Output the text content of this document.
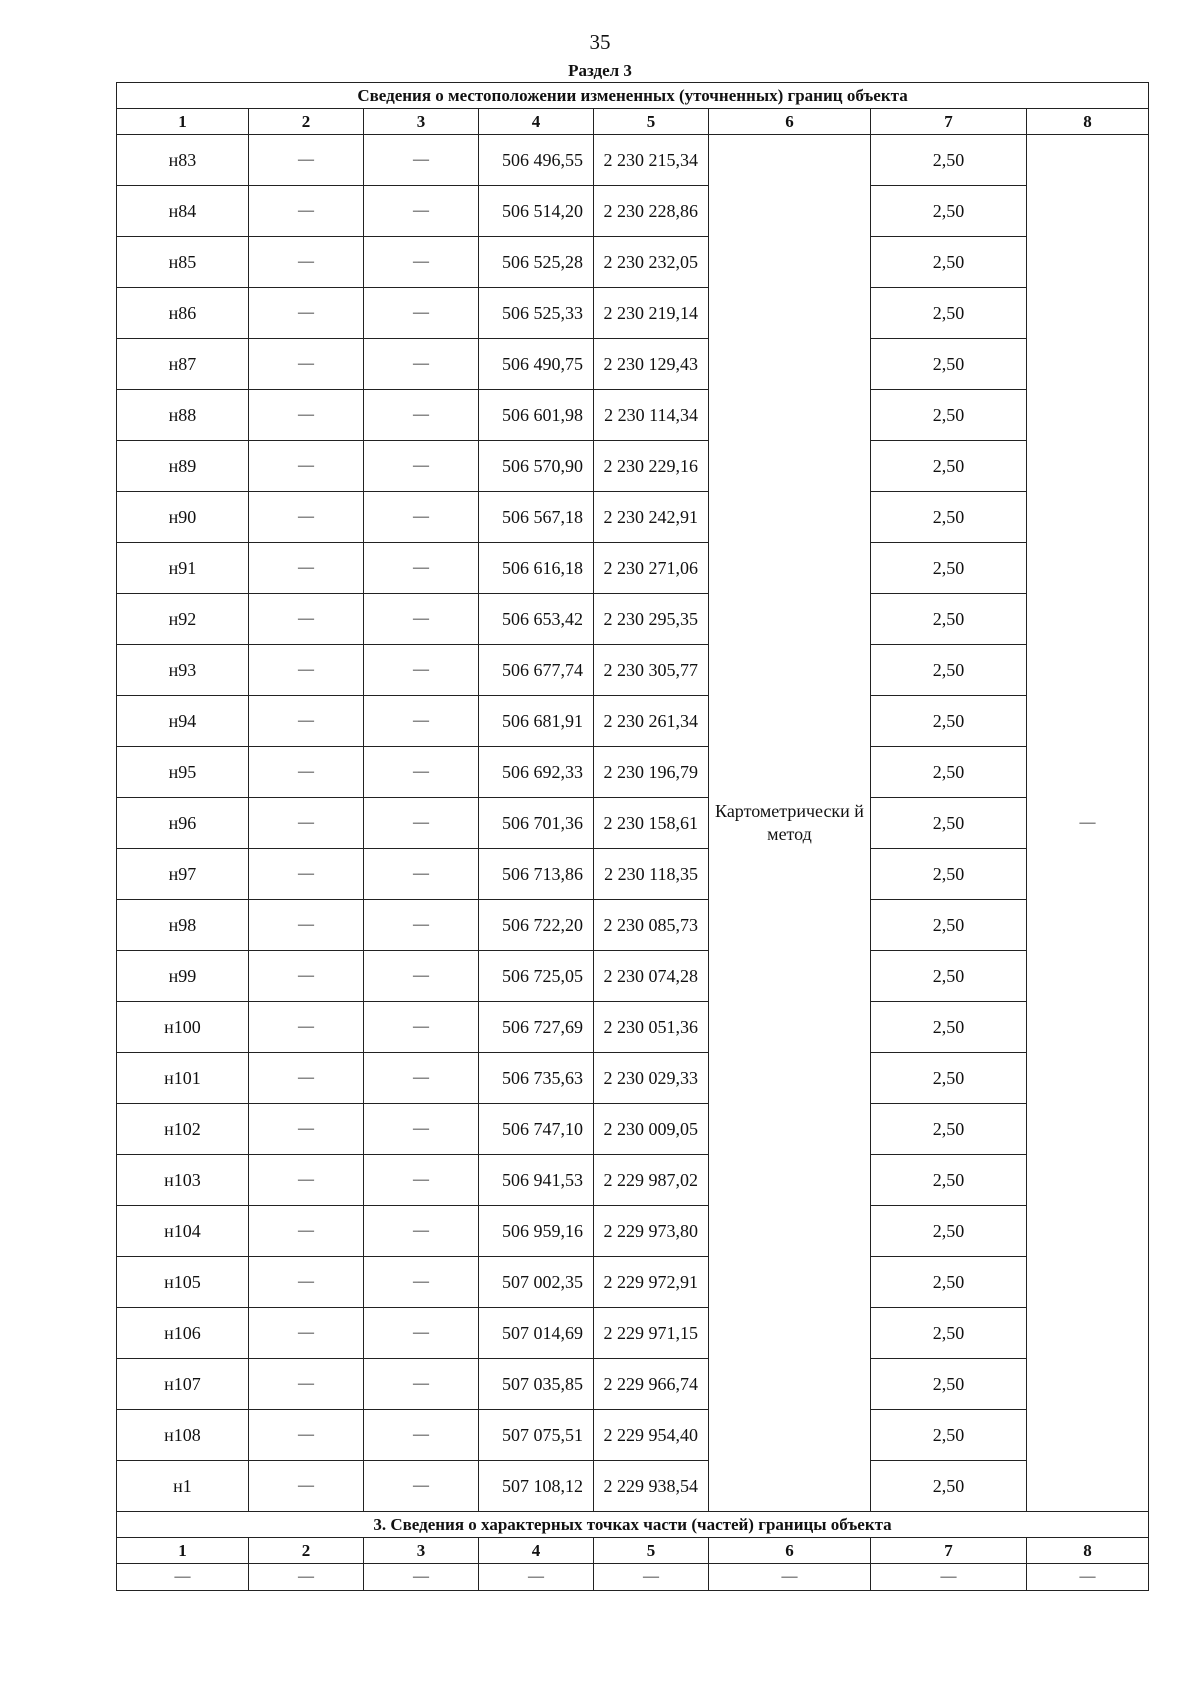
35
Раздел 3
Сведения о местоположении измененных (уточненных) границ объекта							
1	2	3	4	5	6	7	8
н83	—	—	506 496,55	2 230 215,34	Картометрически й метод	2,50	—
н84	—	—	506 514,20	2 230 228,86		2,50	
н85	—	—	506 525,28	2 230 232,05		2,50	
н86	—	—	506 525,33	2 230 219,14		2,50	
н87	—	—	506 490,75	2 230 129,43		2,50	
н88	—	—	506 601,98	2 230 114,34		2,50	
н89	—	—	506 570,90	2 230 229,16		2,50	
н90	—	—	506 567,18	2 230 242,91		2,50	
н91	—	—	506 616,18	2 230 271,06		2,50	
н92	—	—	506 653,42	2 230 295,35		2,50	
н93	—	—	506 677,74	2 230 305,77		2,50	
н94	—	—	506 681,91	2 230 261,34		2,50	
н95	—	—	506 692,33	2 230 196,79		2,50	
н96	—	—	506 701,36	2 230 158,61		2,50	
н97	—	—	506 713,86	2 230 118,35		2,50	
н98	—	—	506 722,20	2 230 085,73		2,50	
н99	—	—	506 725,05	2 230 074,28		2,50	
н100	—	—	506 727,69	2 230 051,36		2,50	
н101	—	—	506 735,63	2 230 029,33		2,50	
н102	—	—	506 747,10	2 230 009,05		2,50	
н103	—	—	506 941,53	2 229 987,02		2,50	
н104	—	—	506 959,16	2 229 973,80		2,50	
н105	—	—	507 002,35	2 229 972,91		2,50	
н106	—	—	507 014,69	2 229 971,15		2,50	
н107	—	—	507 035,85	2 229 966,74		2,50	
н108	—	—	507 075,51	2 229 954,40		2,50	
н1	—	—	507 108,12	2 229 938,54		2,50	
3. Сведения о характерных точках части (частей) границы объекта							
1	2	3	4	5	6	7	8
—	—	—	—	—	—	—	—
